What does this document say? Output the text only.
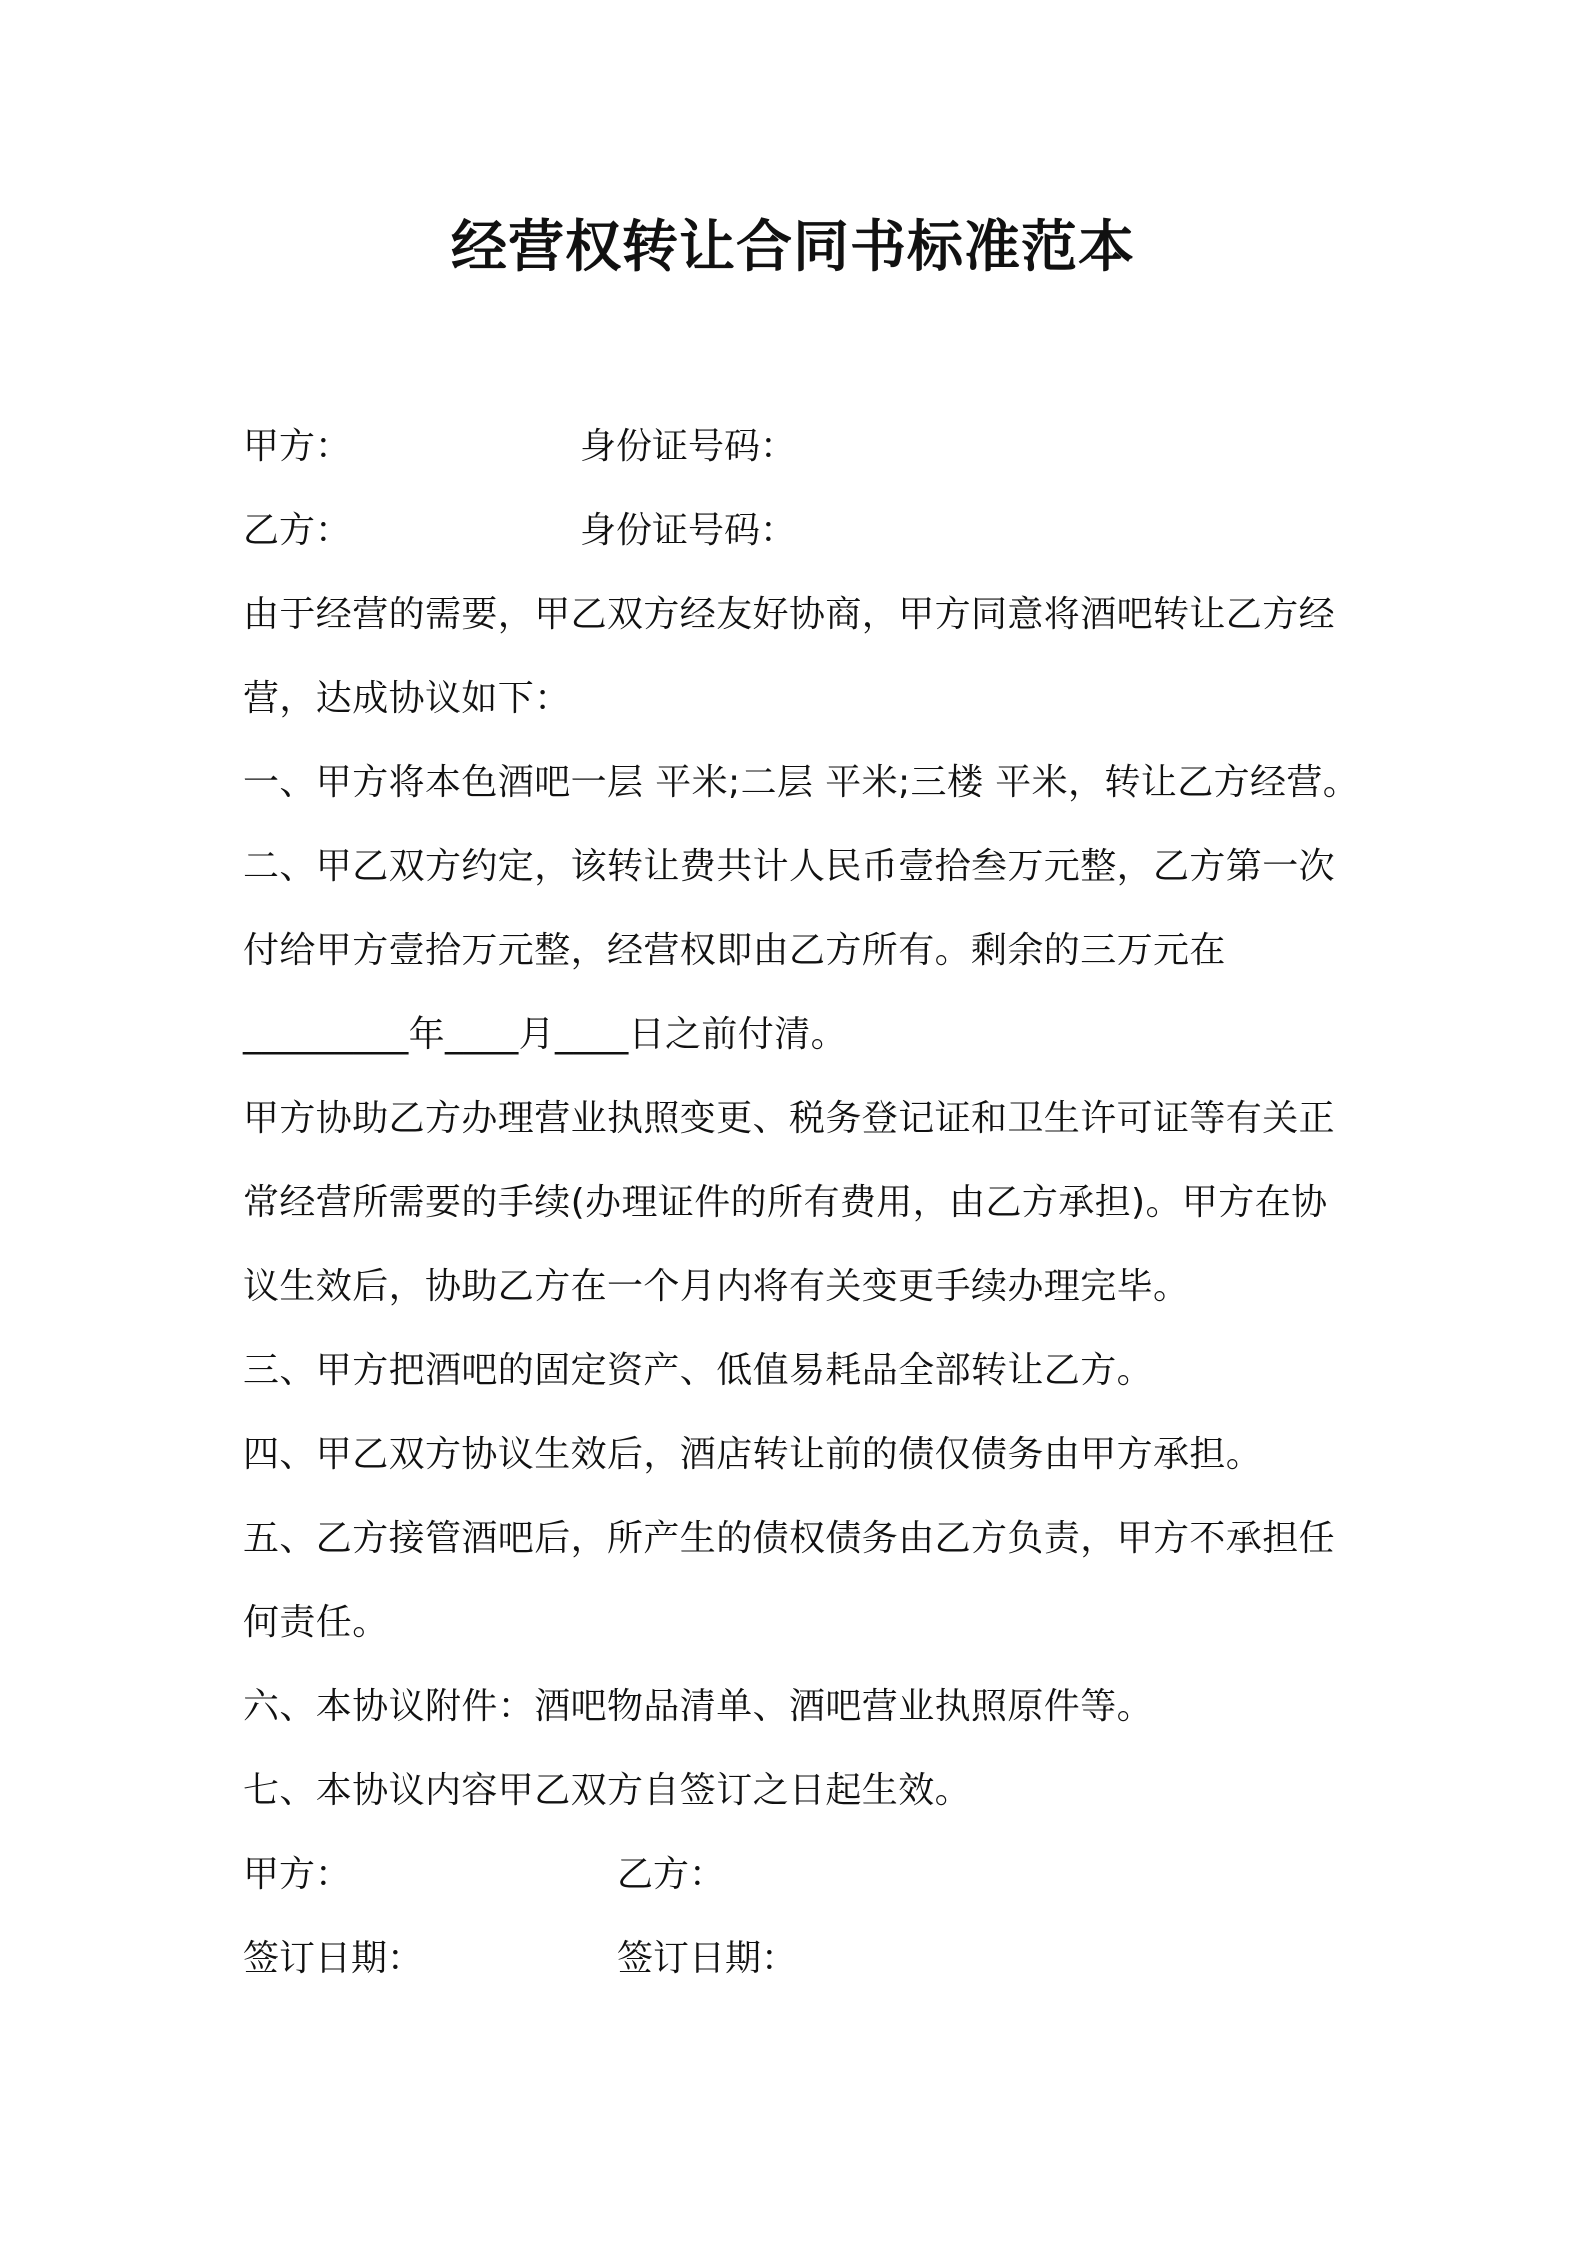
经营权转让合同书标准范本
甲方：	身份证号码：
乙方：	身份证号码：
由于经营的需要，甲乙双方经友好协商，甲方同意将酒吧转让乙方经
营，达成协议如下：
一、甲方将本色酒吧一层 平米;二层 平米;三楼 平米，转让乙方经营。
二、甲乙双方约定，该转让费共计人民币壹拾叁万元整，乙方第一次
付给甲方壹拾万元整，经营权即由乙方所有。剩余的三万元在
_________年____月____日之前付清。
甲方协助乙方办理营业执照变更、税务登记证和卫生许可证等有关正
常经营所需要的手续(办理证件的所有费用，由乙方承担)。甲方在协
议生效后，协助乙方在一个月内将有关变更手续办理完毕。
三、甲方把酒吧的固定资产、低值易耗品全部转让乙方。
四、甲乙双方协议生效后，酒店转让前的债仅债务由甲方承担。
五、乙方接管酒吧后，所产生的债权债务由乙方负责，甲方不承担任
何责任。
六、本协议附件：酒吧物品清单、酒吧营业执照原件等。
七、本协议内容甲乙双方自签订之日起生效。
甲方：	乙方：
签订日期：	签订日期：
